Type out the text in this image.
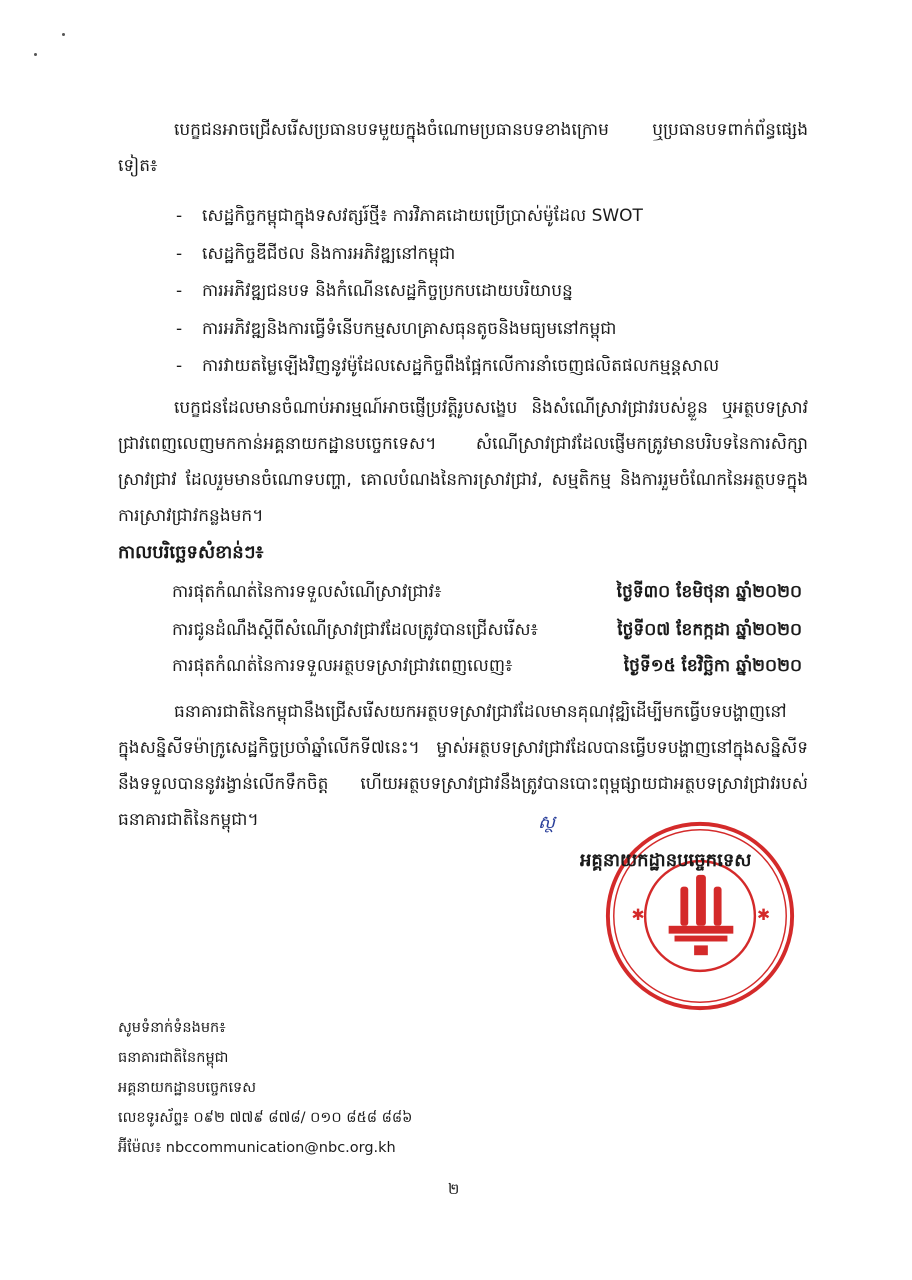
បេក្ខជនអាចជ្រើសរើសប្រធានបទមួយក្នុងចំណោមប្រធានបទខាងក្រោម ឬប្រធានបទពាក់ព័ន្ធផ្សេងទៀត៖

- សេដ្ឋកិច្ចកម្ពុជាក្នុងទសវត្សរ៍ថ្មី៖ ការវិភាគដោយប្រើប្រាស់ម៉ូដែល SWOT
- សេដ្ឋកិច្ចឌីជីថល និងការអភិវឌ្ឍនៅកម្ពុជា
- ការអភិវឌ្ឍជនបទ និងកំណើនសេដ្ឋកិច្ចប្រកបដោយបរិយាបន្ន
- ការអភិវឌ្ឍនិងការធ្វើទំនើបកម្មសហគ្រាសធុនតូចនិងមធ្យមនៅកម្ពុជា
- ការវាយតម្លៃឡើងវិញនូវម៉ូដែលសេដ្ឋកិច្ចពឹងផ្អែកលើការនាំចេញផលិតផលកម្មន្តសាល

បេក្ខជនដែលមានចំណាប់អារម្មណ៍អាចផ្ញើប្រវត្តិរូបសង្ខេប និងសំណើស្រាវជ្រាវរបស់ខ្លួន ឬអត្ថបទស្រាវជ្រាវពេញលេញមកកាន់អគ្គនាយកដ្ឋានបច្ចេកទេស។ សំណើស្រាវជ្រាវដែលផ្ញើមកត្រូវមានបរិបទនៃការសិក្សាស្រាវជ្រាវ ដែលរួមមានចំណោទបញ្ហា, គោលបំណងនៃការស្រាវជ្រាវ, សម្មតិកម្ម និងការរួមចំណែកនៃអត្ថបទក្នុងការស្រាវជ្រាវកន្លងមក។

កាលបរិច្ឆេទសំខាន់ៗ៖
ការផុតកំណត់នៃការទទួលសំណើស្រាវជ្រាវ៖	ថ្ងៃទី៣០ ខែមិថុនា ឆ្នាំ២០២០
ការជូនដំណឹងស្តីពីសំណើស្រាវជ្រាវដែលត្រូវបានជ្រើសរើស៖	ថ្ងៃទី០៧ ខែកក្កដា ឆ្នាំ២០២០
ការផុតកំណត់នៃការទទួលអត្ថបទស្រាវជ្រាវពេញលេញ៖	ថ្ងៃទី១៥ ខែវិច្ឆិកា ឆ្នាំ២០២០

ធនាគារជាតិនៃកម្ពុជានឹងជ្រើសរើសយកអត្ថបទស្រាវជ្រាវដែលមានគុណវុឌ្ឍិដើម្បីមកធ្វើបទបង្ហាញនៅក្នុងសន្និសីទម៉ាក្រូសេដ្ឋកិច្ចប្រចាំឆ្នាំលើកទី៧នេះ។ ម្ចាស់អត្ថបទស្រាវជ្រាវដែលបានធ្វើបទបង្ហាញនៅក្នុងសន្និសីទនឹងទទួលបាននូវរង្វាន់លើកទឹកចិត្ត ហើយអត្ថបទស្រាវជ្រាវនឹងត្រូវបានបោះពុម្ពផ្សាយជាអត្ថបទស្រាវជ្រាវរបស់ធនាគារជាតិនៃកម្ពុជា។

✱	✱
ស្ថ
អគ្គនាយកដ្ឋានបច្ចេកទេស
សូមទំនាក់ទំនងមក៖
ធនាគារជាតិនៃកម្ពុជា
អគ្គនាយកដ្ឋានបច្ចេកទេស
លេខទូរស័ព្ទ៖ ០៩២ ៧៧៩ ៨៧៨/ ០១០ ៨៥៨ ៨៨៦
អ៊ីម៉ែល៖ nbccommunication@nbc.org.kh
២
